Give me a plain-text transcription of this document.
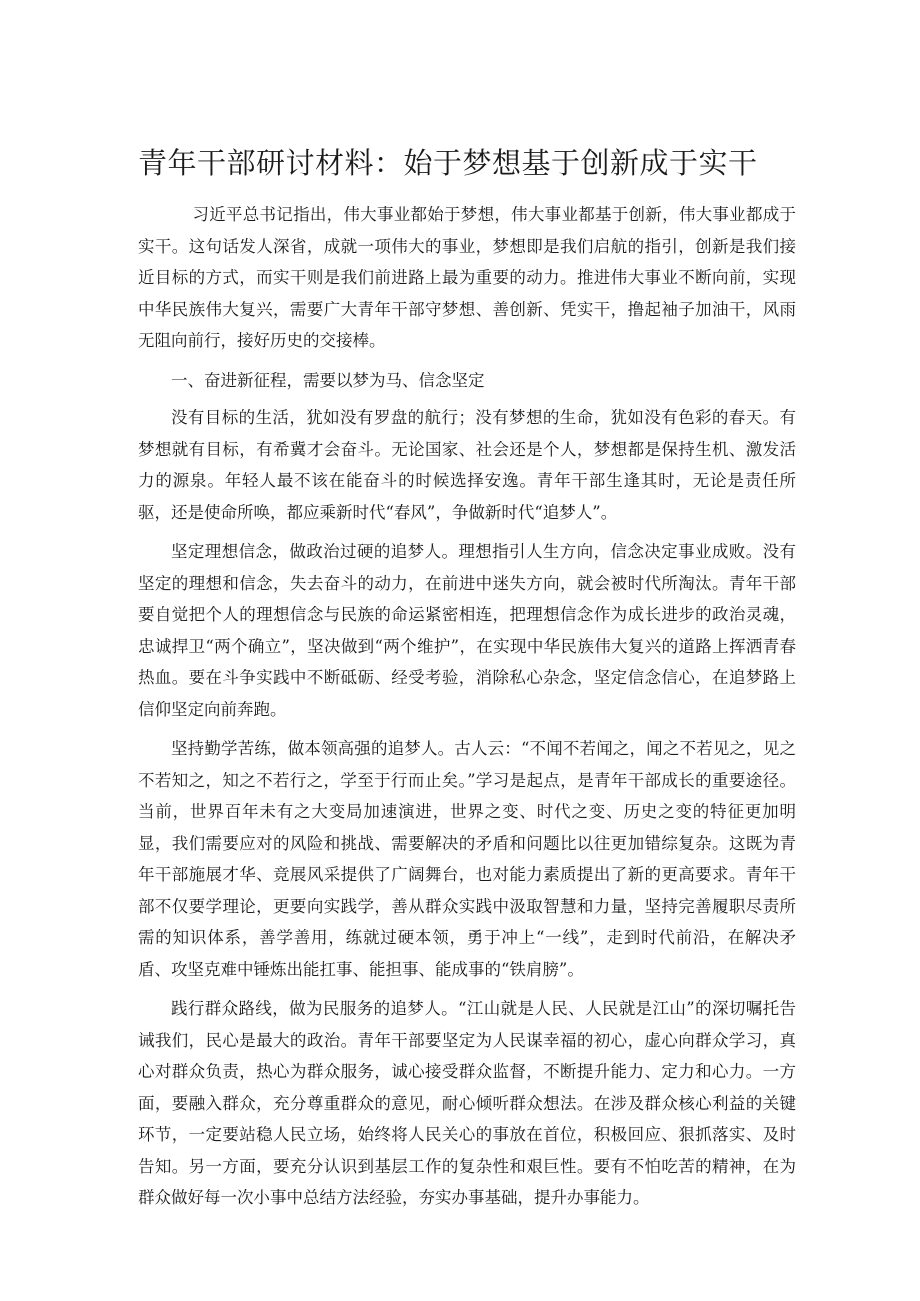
青年干部研讨材料：始于梦想基于创新成于实干

习近平总书记指出，伟大事业都始于梦想，伟大事业都基于创新，伟大事业都成于实干。这句话发人深省，成就一项伟大的事业，梦想即是我们启航的指引，创新是我们接近目标的方式，而实干则是我们前进路上最为重要的动力。推进伟大事业不断向前，实现中华民族伟大复兴，需要广大青年干部守梦想、善创新、凭实干，撸起袖子加油干，风雨无阻向前行，接好历史的交接棒。

一、奋进新征程，需要以梦为马、信念坚定

没有目标的生活，犹如没有罗盘的航行；没有梦想的生命，犹如没有色彩的春天。有梦想就有目标，有希冀才会奋斗。无论国家、社会还是个人，梦想都是保持生机、激发活力的源泉。年轻人最不该在能奋斗的时候选择安逸。青年干部生逢其时，无论是责任所驱，还是使命所唤，都应乘新时代“春风”，争做新时代“追梦人”。

坚定理想信念，做政治过硬的追梦人。理想指引人生方向，信念决定事业成败。没有坚定的理想和信念，失去奋斗的动力，在前进中迷失方向，就会被时代所淘汰。青年干部要自觉把个人的理想信念与民族的命运紧密相连，把理想信念作为成长进步的政治灵魂，忠诚捍卫“两个确立”，坚决做到“两个维护”，在实现中华民族伟大复兴的道路上挥洒青春热血。要在斗争实践中不断砥砺、经受考验，消除私心杂念，坚定信念信心，在追梦路上信仰坚定向前奔跑。

坚持勤学苦练，做本领高强的追梦人。古人云：“不闻不若闻之，闻之不若见之，见之不若知之，知之不若行之，学至于行而止矣。”学习是起点，是青年干部成长的重要途径。当前，世界百年未有之大变局加速演进，世界之变、时代之变、历史之变的特征更加明显，我们需要应对的风险和挑战、需要解决的矛盾和问题比以往更加错综复杂。这既为青年干部施展才华、竞展风采提供了广阔舞台，也对能力素质提出了新的更高要求。青年干部不仅要学理论，更要向实践学，善从群众实践中汲取智慧和力量，坚持完善履职尽责所需的知识体系，善学善用，练就过硬本领，勇于冲上“一线”，走到时代前沿，在解决矛盾、攻坚克难中锤炼出能扛事、能担事、能成事的“铁肩膀”。

践行群众路线，做为民服务的追梦人。“江山就是人民、人民就是江山”的深切嘱托告诫我们，民心是最大的政治。青年干部要坚定为人民谋幸福的初心，虚心向群众学习，真心对群众负责，热心为群众服务，诚心接受群众监督，不断提升能力、定力和心力。一方面，要融入群众，充分尊重群众的意见，耐心倾听群众想法。在涉及群众核心利益的关键环节，一定要站稳人民立场，始终将人民关心的事放在首位，积极回应、狠抓落实、及时告知。另一方面，要充分认识到基层工作的复杂性和艰巨性。要有不怕吃苦的精神，在为群众做好每一次小事中总结方法经验，夯实办事基础，提升办事能力。
